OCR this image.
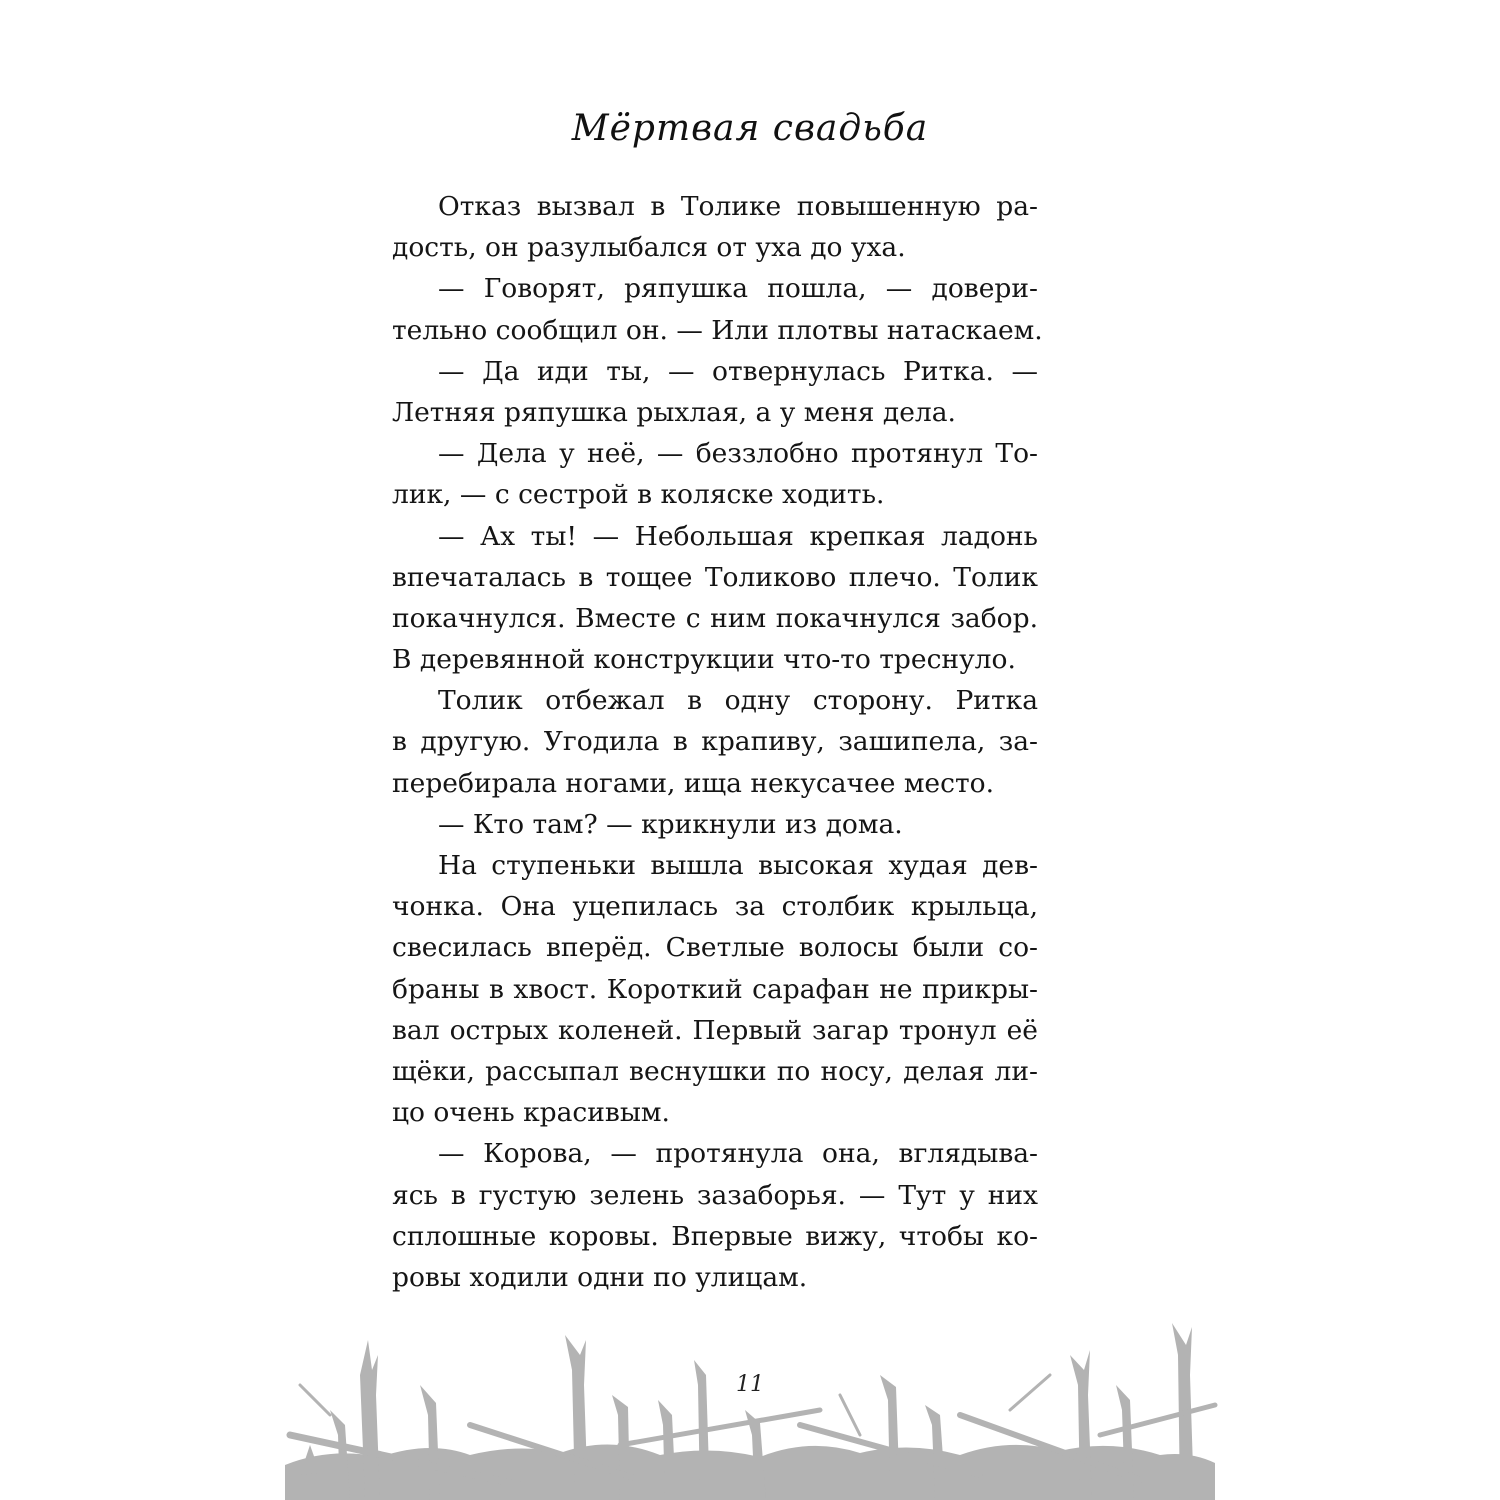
Мёртвая свадьба
Отказ вызвал в Толике повышенную ра-
дость, он разулыбался от уха до уха.
— Говорят, ряпушка пошла, — довери-
тельно сообщил он. — Или плотвы натаскаем.
— Да иди ты, — отвернулась Ритка. —
Летняя ряпушка рыхлая, а у меня дела.
— Дела у неё, — беззлобно протянул То-
лик, — с сестрой в коляске ходить.
— Ах ты! — Небольшая крепкая ладонь
впечаталась в тощее Толиково плечо. Толик
покачнулся. Вместе с ним покачнулся забор.
В деревянной конструкции что-то треснуло.
Толик отбежал в одну сторону. Ритка
в другую. Угодила в крапиву, зашипела, за-
перебирала ногами, ища некусачее место.
— Кто там? — крикнули из дома.
На ступеньки вышла высокая худая дев-
чонка. Она уцепилась за столбик крыльца,
свесилась вперёд. Светлые волосы были со-
браны в хвост. Короткий сарафан не прикры-
вал острых коленей. Первый загар тронул её
щёки, рассыпал веснушки по носу, делая ли-
цо очень красивым.
— Корова, — протянула она, вглядыва-
ясь в густую зелень зазаборья. — Тут у них
сплошные коровы. Впервые вижу, чтобы ко-
ровы ходили одни по улицам.
11
